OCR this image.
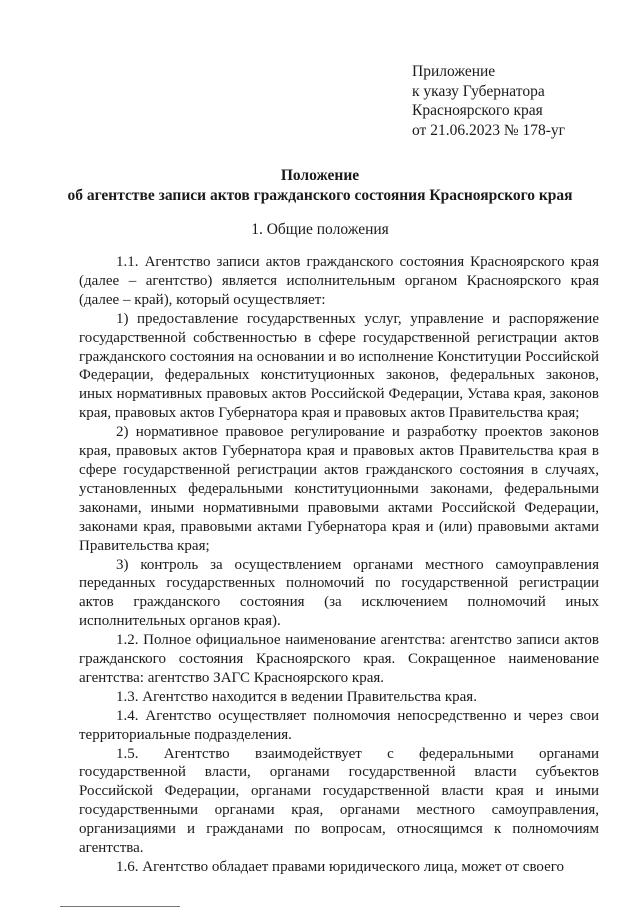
Приложение
к указу Губернатора
Красноярского края
от 21.06.2023 № 178-уг
Положение
об агентстве записи актов гражданского состояния Красноярского края
1. Общие положения

1.1. Агентство записи актов гражданского состояния Красноярского края (далее – агентство) является исполнительным органом Красноярского края (далее – край), который осуществляет:

1) предоставление государственных услуг, управление и распоряжение государственной собственностью в сфере государственной регистрации актов гражданского состояния на основании и во исполнение Конституции Российской Федерации, федеральных конституционных законов, федеральных законов, иных нормативных правовых актов Российской Федерации, Устава края, законов края, правовых актов Губернатора края и правовых актов Правительства края;

2) нормативное правовое регулирование и разработку проектов законов края, правовых актов Губернатора края и правовых актов Правительства края в сфере государственной регистрации актов гражданского состояния в случаях, установленных федеральными конституционными законами, федеральными законами, иными нормативными правовыми актами Российской Федерации, законами края, правовыми актами Губернатора края и (или) правовыми актами Правительства края;

3) контроль за осуществлением органами местного самоуправления переданных государственных полномочий по государственной регистрации актов гражданского состояния (за исключением полномочий иных исполнительных органов края).

1.2. Полное официальное наименование агентства: агентство записи актов гражданского состояния Красноярского края. Сокращенное наименование агентства: агентство ЗАГС Красноярского края.

1.3. Агентство находится в ведении Правительства края.

1.4. Агентство осуществляет полномочия непосредственно и через свои территориальные подразделения.

1.5. Агентство взаимодействует с федеральными органами государственной власти, органами государственной власти субъектов Российской Федерации, органами государственной власти края и иными государственными органами края, органами местного самоуправления, организациями и гражданами по вопросам, относящимся к полномочиям агентства.

1.6. Агентство обладает правами юридического лица, может от своего
